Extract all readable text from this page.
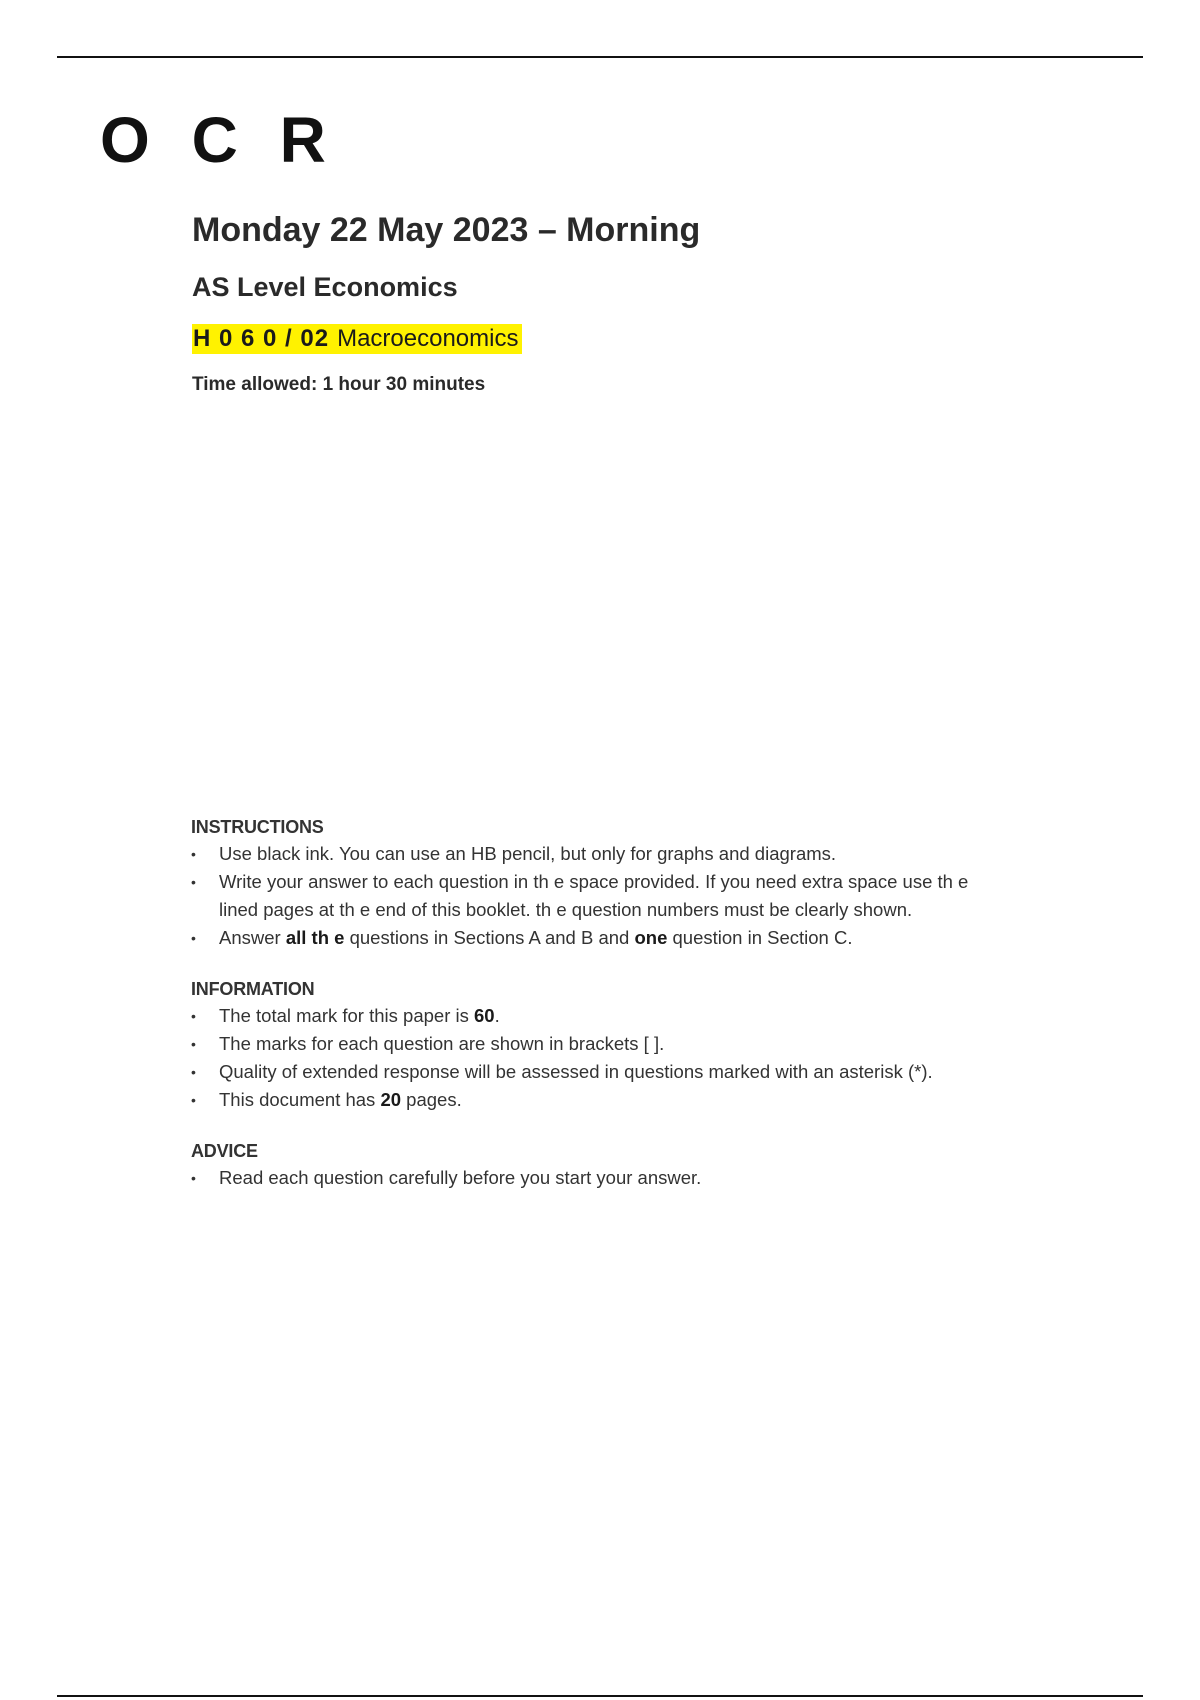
O C R
Monday 22 May 2023 – Morning
AS Level Economics
H 0 6 0 / 02 Macroeconomics
Time allowed: 1 hour 30 minutes
INSTRUCTIONS
• Use black ink. You can use an HB pencil, but only for graphs and diagrams.
• Write your answer to each question in th e space provided. If you need extra space use th e
lined pages at th e end of this booklet. th e question numbers must be clearly shown.
• Answer all th e questions in Sections A and B and one question in Section C.
INFORMATION
• The total mark for this paper is 60.
• The marks for each question are shown in brackets [ ].
• Quality of extended response will be assessed in questions marked with an asterisk (*).
• This document has 20 pages.
ADVICE
• Read each question carefully before you start your answer.
